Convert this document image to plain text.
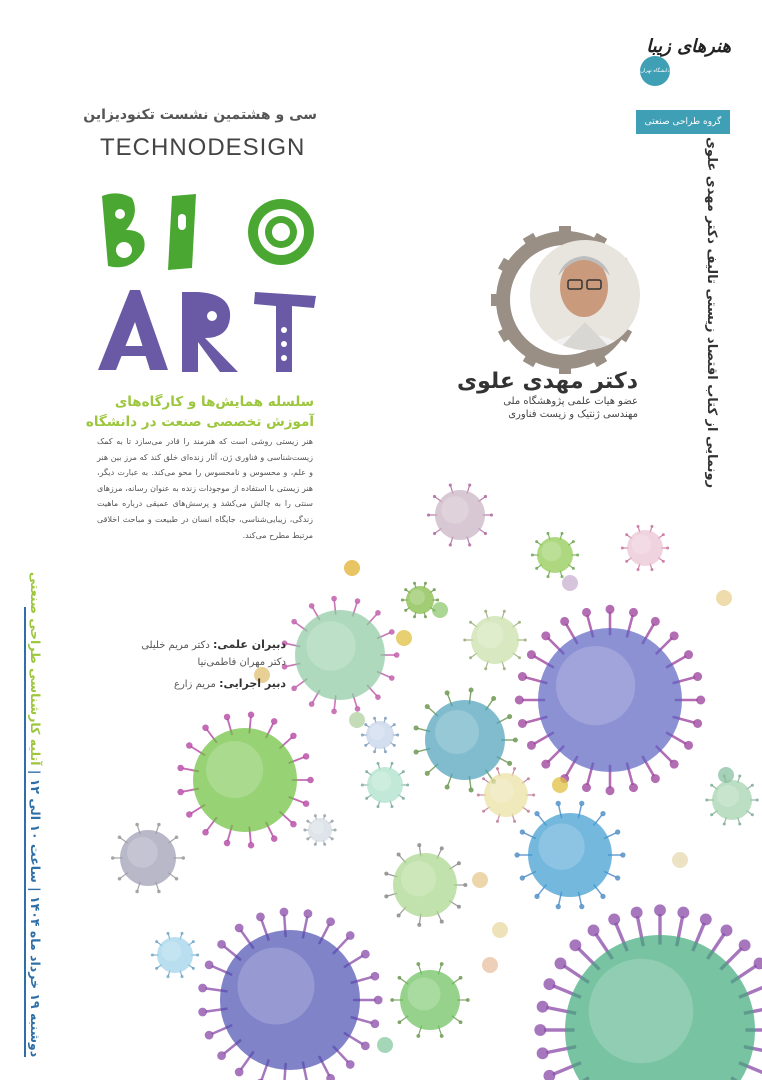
دانشگاه تهران
هنرهای زیبا
گروه طراحی صنعتی
سی و هشتمین نشست تکنودیزاین
TECHNODESIGN
سلسله همایش‌ها و کارگاه‌های
آموزش تخصصی صنعت در دانشگاه
هنر زیستی روشی است که هنرمند را قادر می‌سازد تا به کمک زیست‌شناسی و فناوری ژن، آثار زنده‌ای خلق کند که مرز بین هنر و علم، و محسوس و نامحسوس را محو می‌کند. به عبارت دیگر، هنر زیستی با استفاده از موجودات زنده به عنوان رسانه، مرزهای سنتی را به چالش می‌کشد و پرسش‌های عمیقی درباره ماهیت زندگی، زیبایی‌شناسی، جایگاه انسان در طبیعت و مباحث اخلاقی مرتبط مطرح می‌کند.
دکتر مهدی علوی
عضو هیات علمی پژوهشگاه ملی
مهندسی ژنتیک و زیست فناوری	رونمایی از کتاب اقتصاد زیستی تالیف دکتر مهدی علوی
دوشنبه ۱۹ خرداد ماه ۱۴۰۴ | ساعت ۱۰ الی ۱۲ | آتلیه کارشناسی طراحی صنعتی	دبیران علمی: دکتر مریم خلیلی
دکتر مهران فاطمی‌نیا
دبیر اجرایی: مریم زارع
